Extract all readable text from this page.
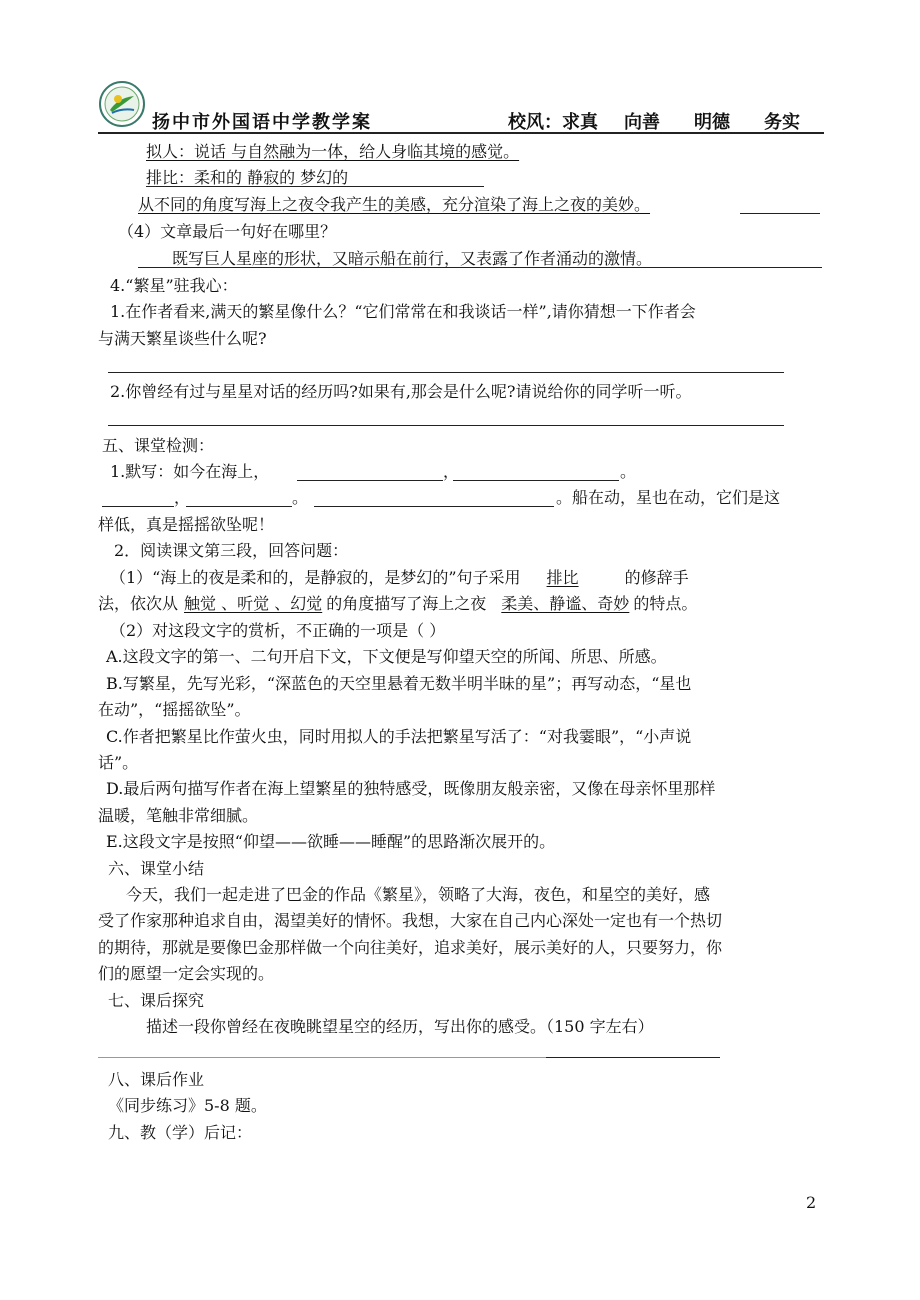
扬中市外国语中学教学案	校风：求真 向善 明德 务实
拟人：说话 与自然融为一体，给人身临其境的感觉。
排比：柔和的 静寂的 梦幻的
从不同的角度写海上之夜令我产生的美感，充分渲染了海上之夜的美妙。
（4）文章最后一句好在哪里？
既写巨人星座的形状，又暗示船在前行，又表露了作者涌动的激情。
4.“繁星”驻我心：
1.在作者看来,满天的繁星像什么？“它们常常在和我谈话一样”,请你猜想一下作者会
与满天繁星谈些什么呢?
2.你曾经有过与星星对话的经历吗?如果有,那会是什么呢?请说给你的同学听一听。
五、课堂检测：
1.默写：如今在海上，	，	。
，	。	。船在动，星也在动，它们是这
样低，真是摇摇欲坠呢！
2．阅读课文第三段，回答问题：
（1）“海上的夜是柔和的，是静寂的，是梦幻的”句子采用 排比	的修辞手
法，依次从 触觉 、听觉 、幻觉 的角度描写了海上之夜 柔美、静谧、奇妙 的特点。
（2）对这段文字的赏析，不正确的一项是（ ）
A.这段文字的第一、二句开启下文，下文便是写仰望天空的所闻、所思、所感。
B.写繁星，先写光彩，“深蓝色的天空里悬着无数半明半昧的星”；再写动态，“星也
在动”，“摇摇欲坠”。
C.作者把繁星比作萤火虫，同时用拟人的手法把繁星写活了：“对我霎眼”，“小声说
话”。
D.最后两句描写作者在海上望繁星的独特感受，既像朋友般亲密，又像在母亲怀里那样
温暖，笔触非常细腻。
E.这段文字是按照“仰望——欲睡——睡醒”的思路渐次展开的。
六、课堂小结
今天，我们一起走进了巴金的作品《繁星》，领略了大海，夜色，和星空的美好，感
受了作家那种追求自由，渴望美好的情怀。我想，大家在自己内心深处一定也有一个热切
的期待，那就是要像巴金那样做一个向往美好，追求美好，展示美好的人，只要努力，你
们的愿望一定会实现的。
七、课后探究
描述一段你曾经在夜晚眺望星空的经历，写出你的感受。（150 字左右）
八、课后作业
《同步练习》5-8 题。
九、教（学）后记：
2
